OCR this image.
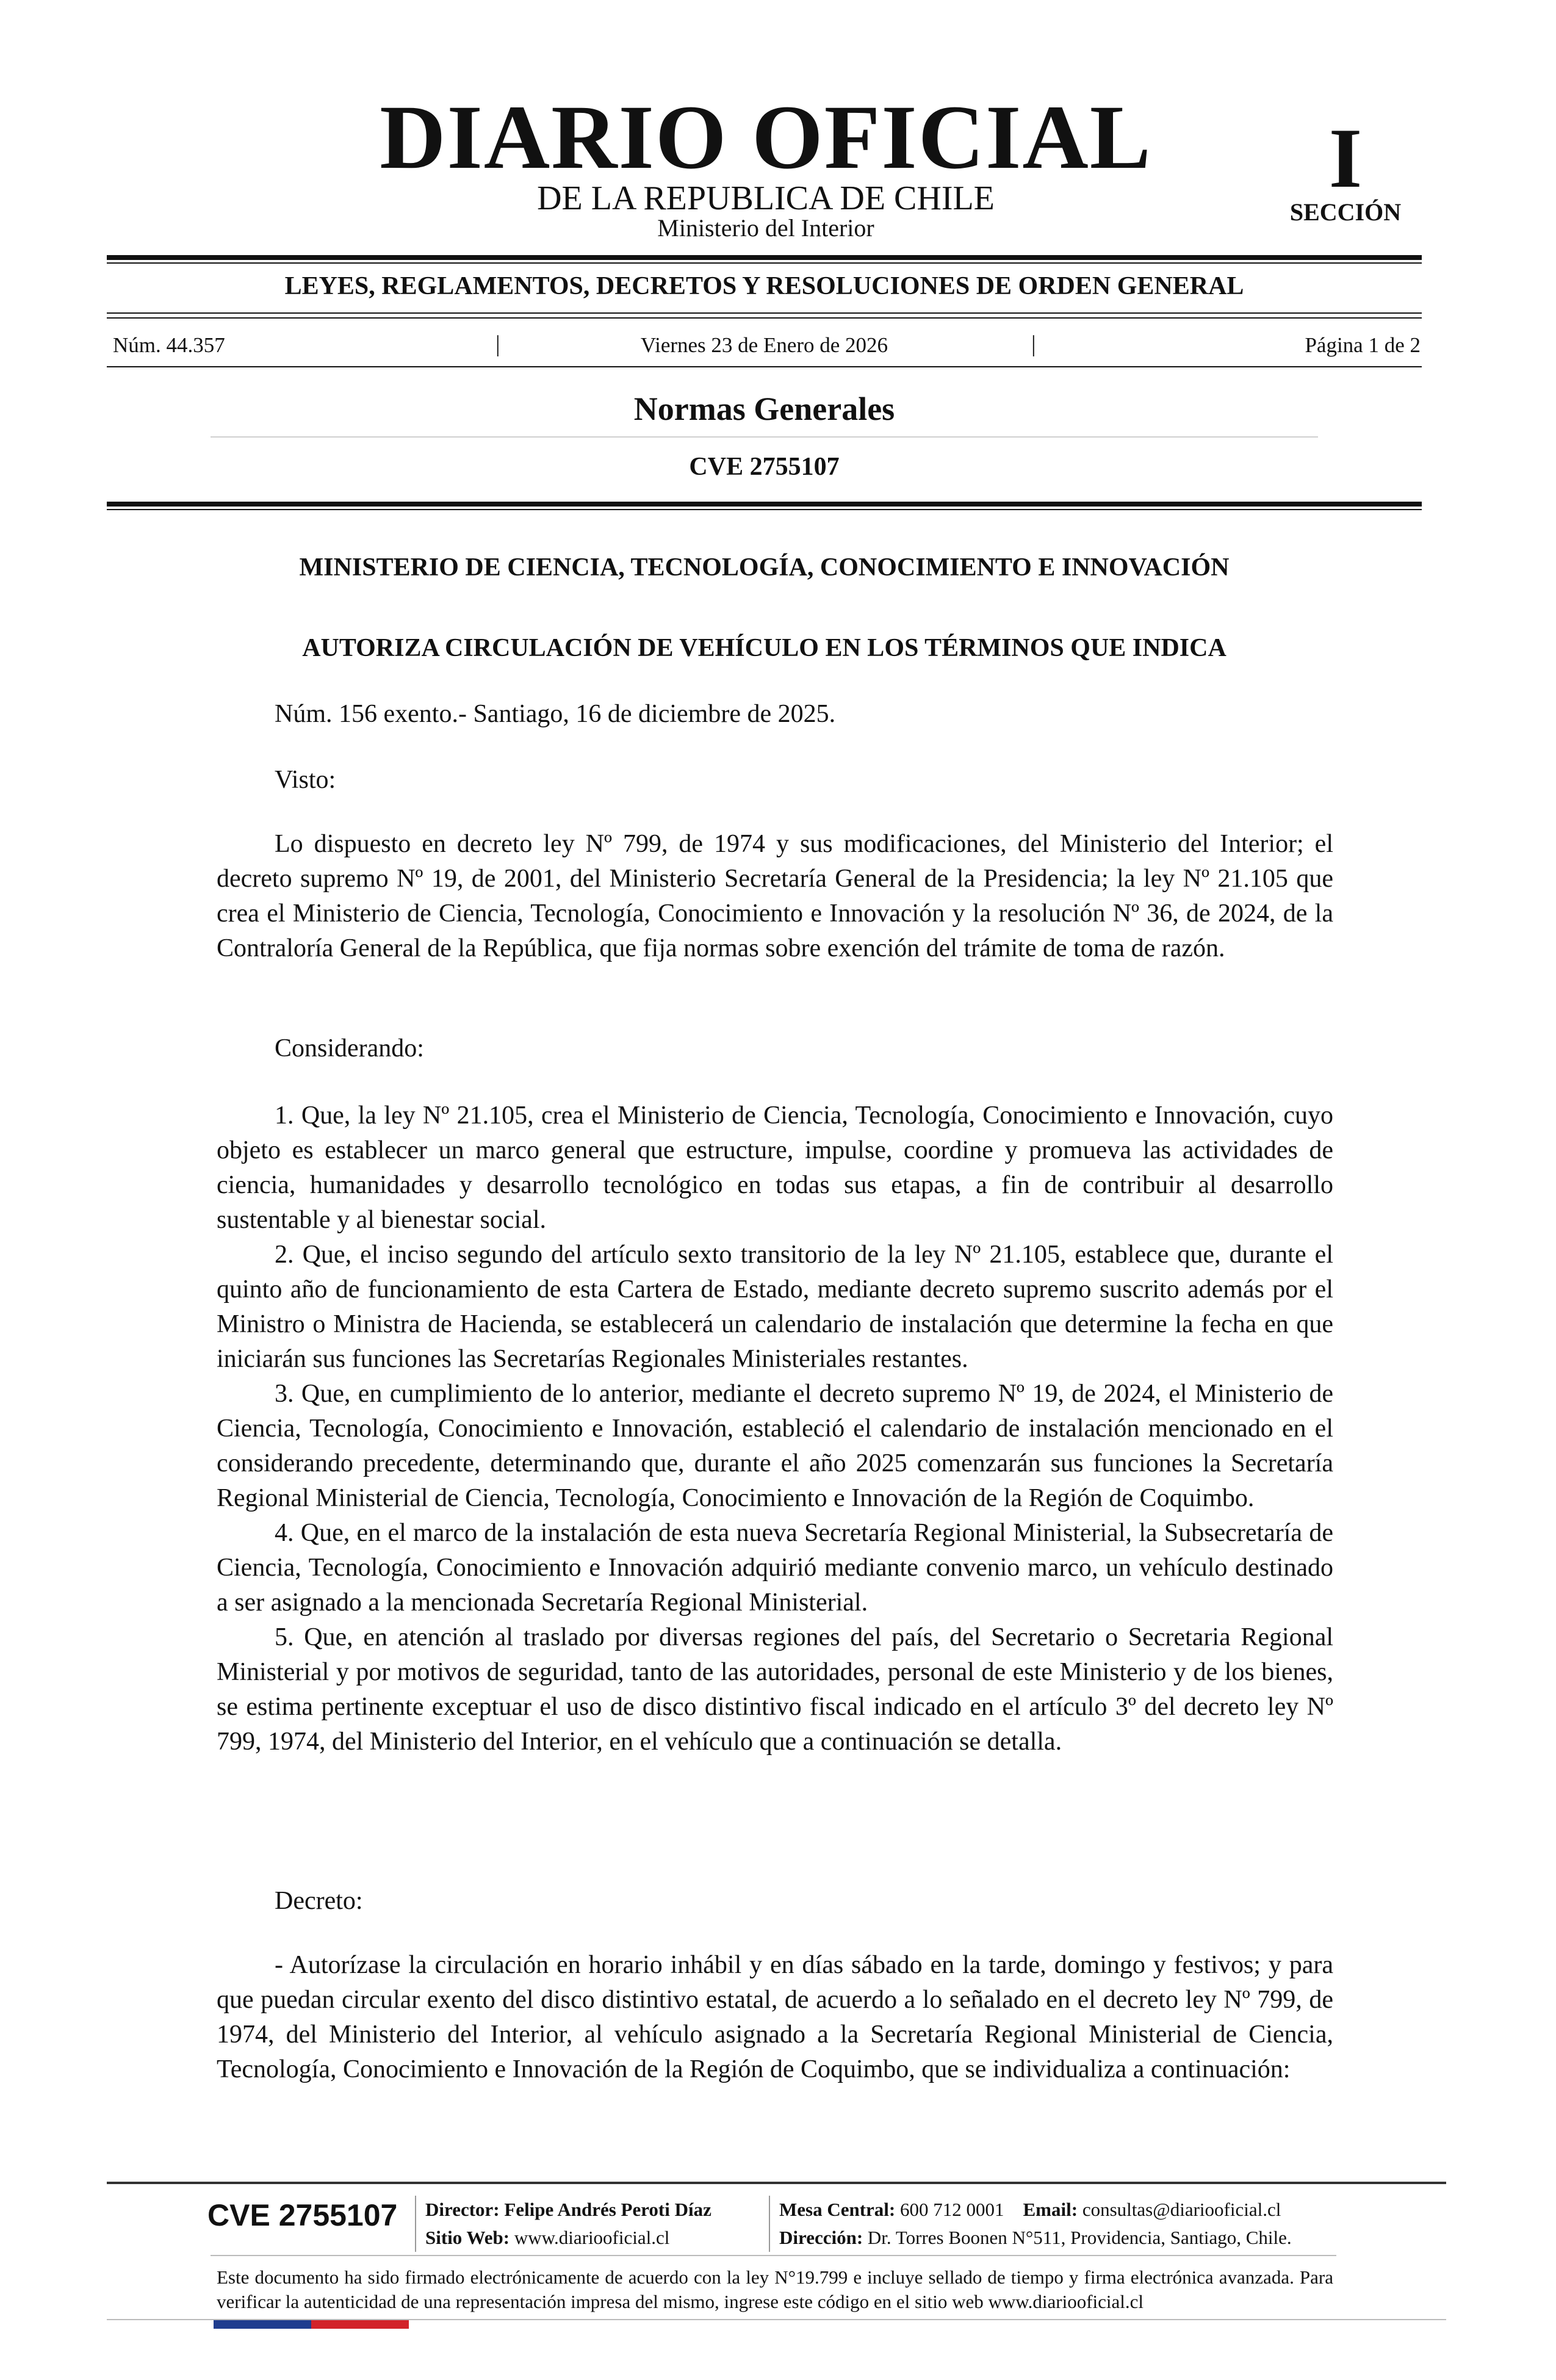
DIARIO OFICIAL
DE LA REPUBLICA DE CHILE
Ministerio del Interior
I
SECCIÓN
LEYES, REGLAMENTOS, DECRETOS Y RESOLUCIONES DE ORDEN GENERAL
Núm. 44.357	|	Viernes 23 de Enero de 2026	|	Página 1 de 2
Normas Generales
CVE 2755107
MINISTERIO DE CIENCIA, TECNOLOGÍA, CONOCIMIENTO E INNOVACIÓN
AUTORIZA CIRCULACIÓN DE VEHÍCULO EN LOS TÉRMINOS QUE INDICA

Núm. 156 exento.- Santiago, 16 de diciembre de 2025.

Visto:

Lo dispuesto en decreto ley Nº 799, de 1974 y sus modificaciones, del Ministerio del Interior; el decreto supremo Nº 19, de 2001, del Ministerio Secretaría General de la Presidencia; la ley Nº 21.105 que crea el Ministerio de Ciencia, Tecnología, Conocimiento e Innovación y la resolución Nº 36, de 2024, de la Contraloría General de la República, que fija normas sobre exención del trámite de toma de razón.

Considerando:

1. Que, la ley Nº 21.105, crea el Ministerio de Ciencia, Tecnología, Conocimiento e Innovación, cuyo objeto es establecer un marco general que estructure, impulse, coordine y promueva las actividades de ciencia, humanidades y desarrollo tecnológico en todas sus etapas, a fin de contribuir al desarrollo sustentable y al bienestar social.

2. Que, el inciso segundo del artículo sexto transitorio de la ley Nº 21.105, establece que, durante el quinto año de funcionamiento de esta Cartera de Estado, mediante decreto supremo suscrito además por el Ministro o Ministra de Hacienda, se establecerá un calendario de instalación que determine la fecha en que iniciarán sus funciones las Secretarías Regionales Ministeriales restantes.

3. Que, en cumplimiento de lo anterior, mediante el decreto supremo Nº 19, de 2024, el Ministerio de Ciencia, Tecnología, Conocimiento e Innovación, estableció el calendario de instalación mencionado en el considerando precedente, determinando que, durante el año 2025 comenzarán sus funciones la Secretaría Regional Ministerial de Ciencia, Tecnología, Conocimiento e Innovación de la Región de Coquimbo.

4. Que, en el marco de la instalación de esta nueva Secretaría Regional Ministerial, la Subsecretaría de Ciencia, Tecnología, Conocimiento e Innovación adquirió mediante convenio marco, un vehículo destinado a ser asignado a la mencionada Secretaría Regional Ministerial.

5. Que, en atención al traslado por diversas regiones del país, del Secretario o Secretaria Regional Ministerial y por motivos de seguridad, tanto de las autoridades, personal de este Ministerio y de los bienes, se estima pertinente exceptuar el uso de disco distintivo fiscal indicado en el artículo 3º del decreto ley Nº 799, 1974, del Ministerio del Interior, en el vehículo que a continuación se detalla.

Decreto:

- Autorízase la circulación en horario inhábil y en días sábado en la tarde, domingo y festivos; y para que puedan circular exento del disco distintivo estatal, de acuerdo a lo señalado en el decreto ley Nº 799, de 1974, del Ministerio del Interior, al vehículo asignado a la Secretaría Regional Ministerial de Ciencia, Tecnología, Conocimiento e Innovación de la Región de Coquimbo, que se individualiza a continuación:

CVE 2755107 Director: Felipe Andrés Peroti Díaz
Sitio Web: www.diariooficial.cl
Mesa Central: 600 712 0001 Email: consultas@diariooficial.cl
Dirección: Dr. Torres Boonen N°511, Providencia, Santiago, Chile.
Este documento ha sido firmado electrónicamente de acuerdo con la ley N°19.799 e incluye sellado de tiempo y firma electrónica avanzada. Para verificar la autenticidad de una representación impresa del mismo, ingrese este código en el sitio web www.diariooficial.cl
